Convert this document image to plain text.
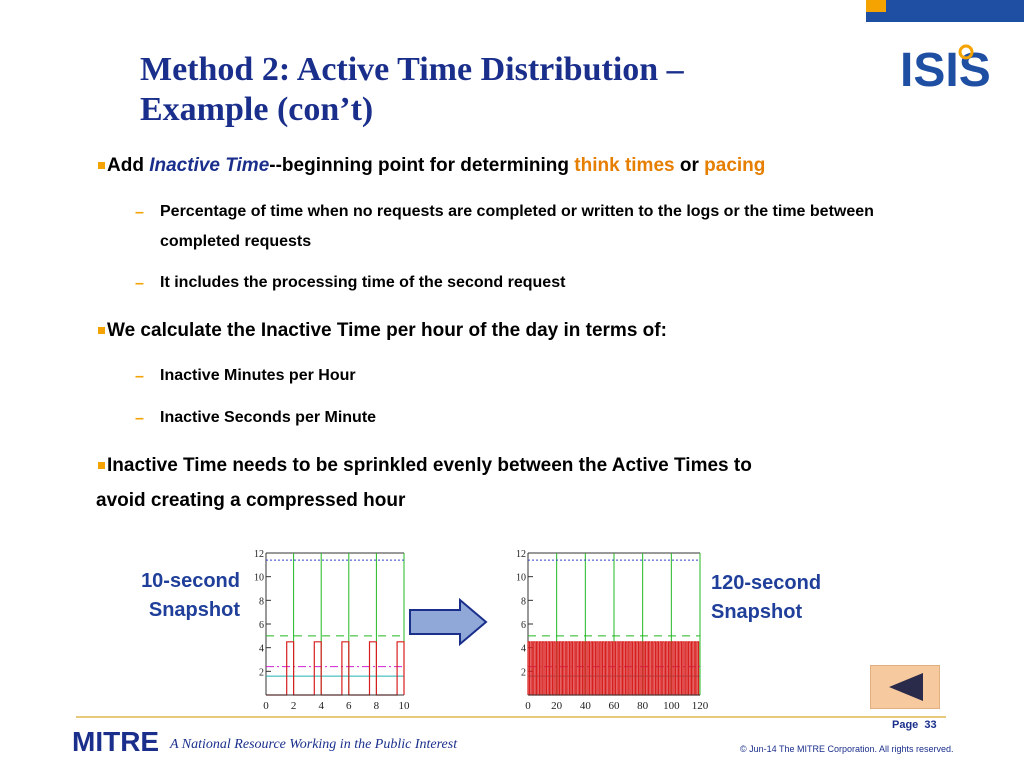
ISIS
Method 2: Active Time Distribution –
Example (con’t)
Add Inactive Time--beginning point for determining think times or pacing
– Percentage of time when no requests are completed or written to the logs or the time between completed requests
– It includes the processing time of the second request
We calculate the Inactive Time per hour of the day in terms of:
– Inactive Minutes per Hour
– Inactive Seconds per Minute
Inactive Time needs to be sprinkled evenly between the Active Times to
avoid creating a compressed hour
10-second
Snapshot
120-second
Snapshot
2
4
6
8
10
12
0 2 4 6 8 10
2
4
6
8
10
12
0 20 40 60 80 100 120
MITRE A National Resource Working in the Public Interest
Page 33
© Jun-14 The MITRE Corporation. All rights reserved.
